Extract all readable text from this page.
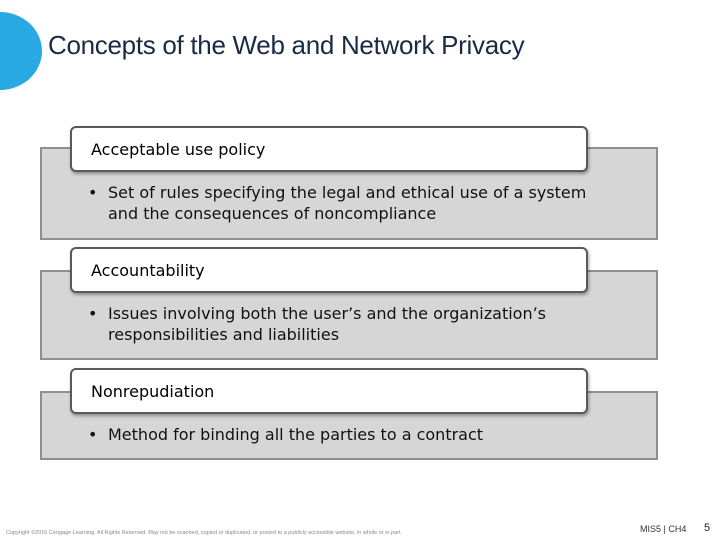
Concepts of the Web and Network Privacy
Acceptable use policy
• Set of rules specifying the legal and ethical use of a system and the consequences of noncompliance
Accountability
• Issues involving both the user’s and the organization’s responsibilities and liabilities
Nonrepudiation
• Method for binding all the parties to a contract
Copyright ©2016 Cengage Learning. All Rights Reserved. May not be scanned, copied or duplicated, or posted to a publicly accessible website, in whole or in part.	MIS5 | CH4 5
